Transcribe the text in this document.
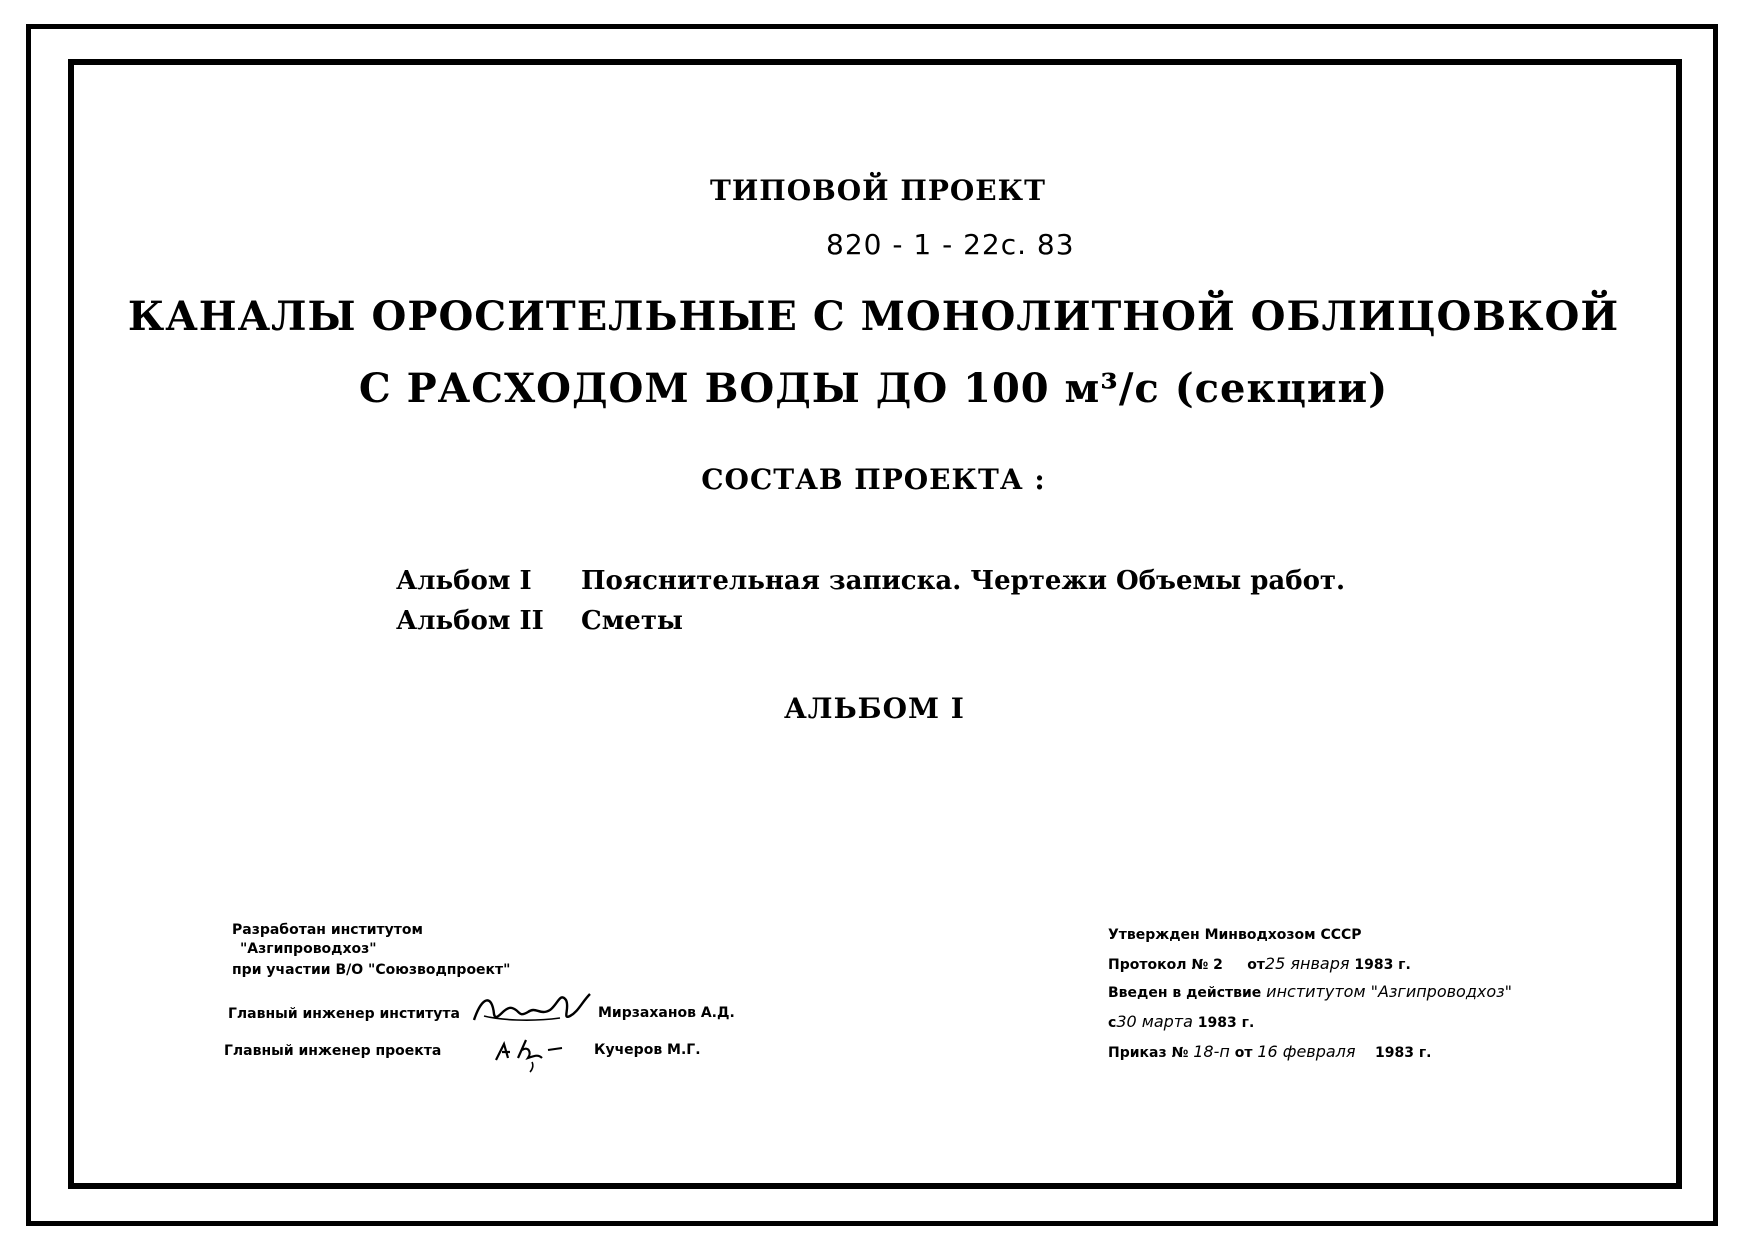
ТИПОВОЙ ПРОЕКТ
820 - 1 - 22с. 83
КАНАЛЫ ОРОСИТЕЛЬНЫЕ С МОНОЛИТНОЙ ОБЛИЦОВКОЙ
С РАСХОДОМ ВОДЫ ДО 100 м³/с (секции)
СОСТАВ ПРОЕКТА :
Альбом I Пояснительная записка. Чертежи Объемы работ.
Альбом II Сметы
АЛЬБОМ I
Разработан институтом
"Азгипроводхоз"
при участии В/О "Союзводпроект"
Главный инженер института	Мирзаханов А.Д.
Главный инженер проекта	Кучеров М.Г.
Утвержден Минводхозом СССР
Протокол № 2 от25 января 1983 г.
Введен в действие институтом "Азгипроводхоз"
с30 марта 1983 г.
Приказ № 18-п от 16 февраля 1983 г.
